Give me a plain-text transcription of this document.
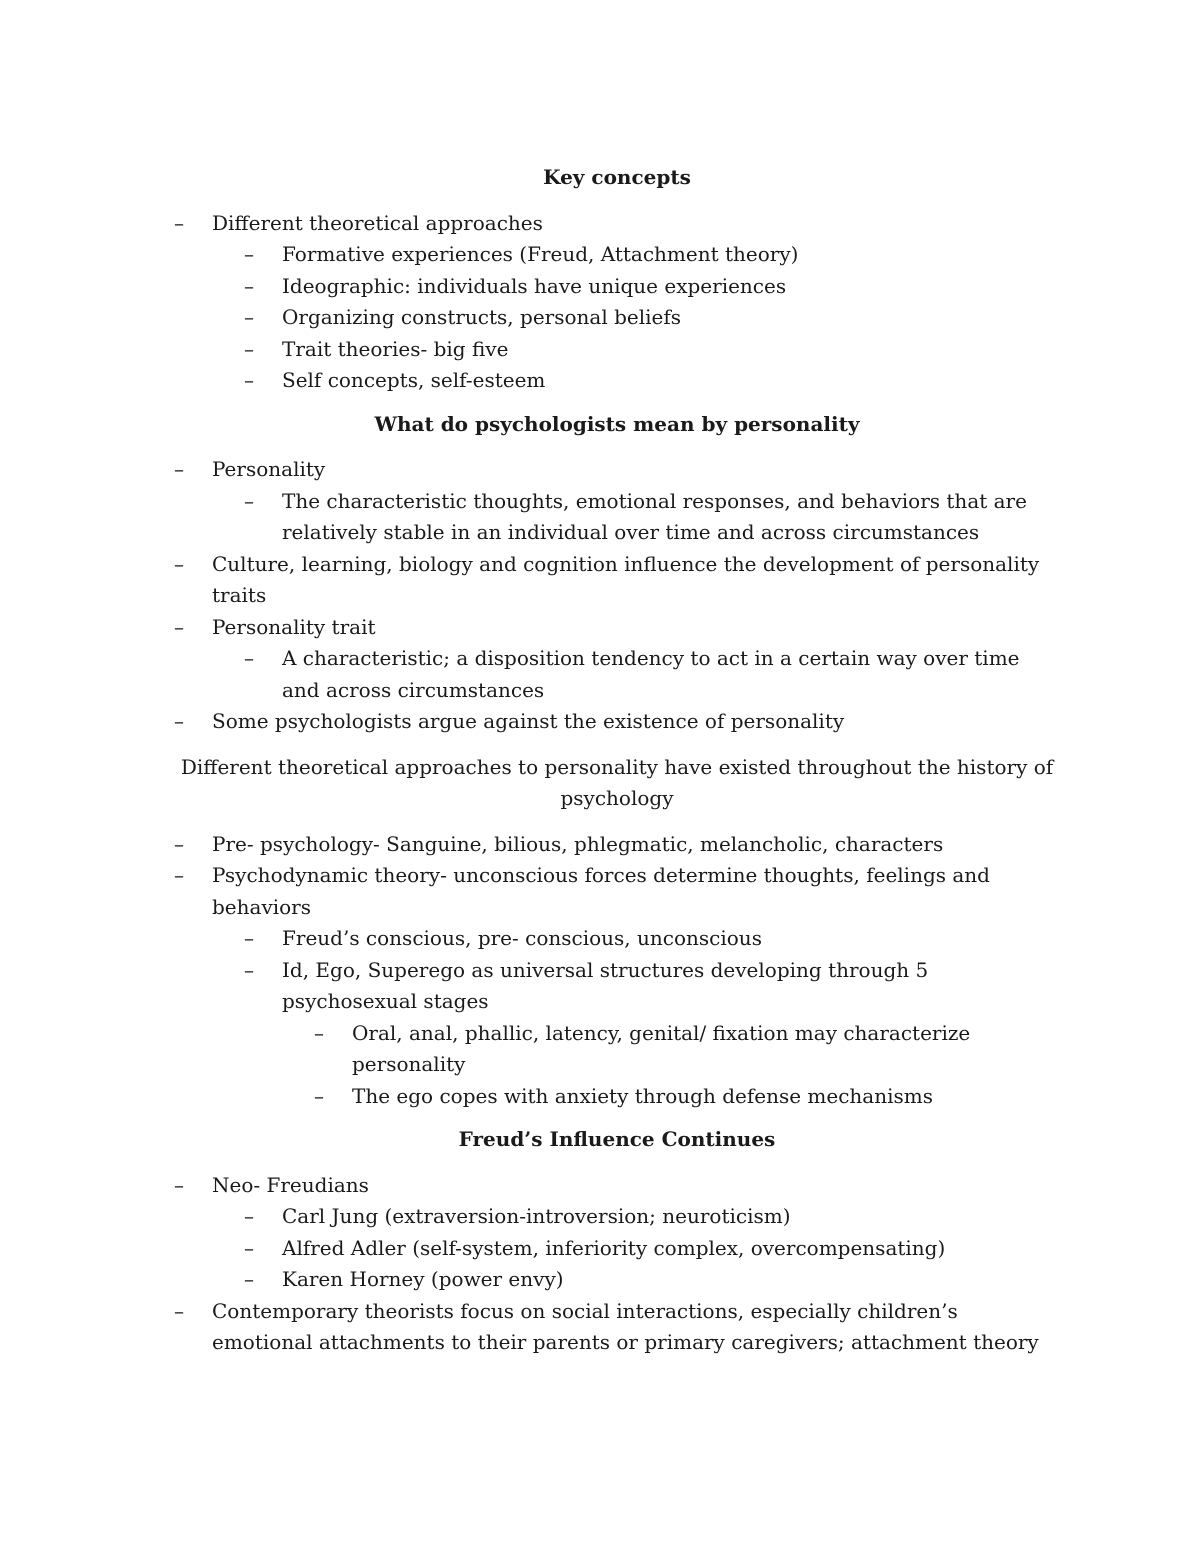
Key concepts

– Different theoretical approaches
– Formative experiences (Freud, Attachment theory)
– Ideographic: individuals have unique experiences
– Organizing constructs, personal beliefs
– Trait theories- big five
– Self concepts, self-esteem

What do psychologists mean by personality

– Personality
– The characteristic thoughts, emotional responses, and behaviors that are relatively stable in an individual over time and across circumstances
– Culture, learning, biology and cognition influence the development of personality traits
– Personality trait
– A characteristic; a disposition tendency to act in a certain way over time and across circumstances
– Some psychologists argue against the existence of personality

Different theoretical approaches to personality have existed throughout the history of psychology

– Pre- psychology- Sanguine, bilious, phlegmatic, melancholic, characters
– Psychodynamic theory- unconscious forces determine thoughts, feelings and behaviors
– Freud’s conscious, pre- conscious, unconscious
– Id, Ego, Superego as universal structures developing through 5 psychosexual stages
– Oral, anal, phallic, latency, genital/ fixation may characterize personality
– The ego copes with anxiety through defense mechanisms

Freud’s Influence Continues

– Neo- Freudians
– Carl Jung (extraversion-introversion; neuroticism)
– Alfred Adler (self-system, inferiority complex, overcompensating)
– Karen Horney (power envy)
– Contemporary theorists focus on social interactions, especially children’s emotional attachments to their parents or primary caregivers; attachment theory
